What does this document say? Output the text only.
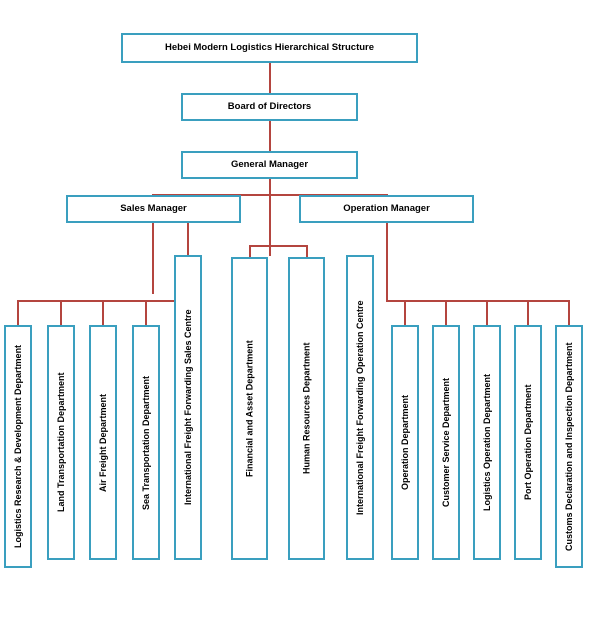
Hebei Modern Logistics Hierarchical Structure
Board of Directors
General Manager
Sales Manager	Operation Manager
Logistics Research & Development Department	Land Transportation Department	Air Freight Department	Sea Transportation Department	International Freight Forwarding Sales Centre	Financial and Asset Department	Human Resources Department	International Freight Forwarding Operation Centre	Operation Department	Customer Service Department	Logistics Operation Department	Port Operation Department	Customs Declaration and Inspection Department
